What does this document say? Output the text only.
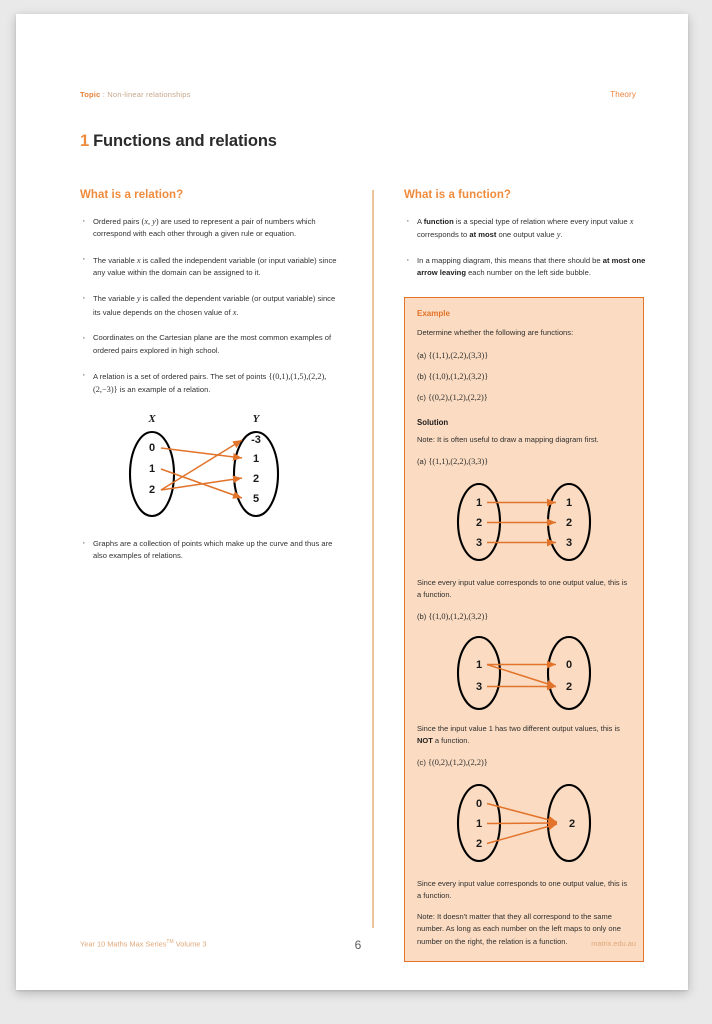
Topic : Non-linear relationships	Theory
1 Functions and relations
What is a relation?
· Ordered pairs (x, y) are used to represent a pair of numbers which correspond with each other through a given rule or equation.
· The variable x is called the independent variable (or input variable) since any value within the domain can be assigned to it.
· The variable y is called the dependent variable (or output variable) since its value depends on the chosen value of x.
· Coordinates on the Cartesian plane are the most common examples of ordered pairs explored in high school.
· A relation is a set of ordered pairs. The set of points {(0,1),(1,5),(2,2),(2,−3)} is an example of a relation.
X	Y
0
1
2
-3
1
2
5
· Graphs are a collection of points which make up the curve and thus are also examples of relations.
What is a function?
· A function is a special type of relation where every input value x corresponds to at most one output value y.
· In a mapping diagram, this means that there should be at most one arrow leaving each number on the left side bubble.
Example

Determine whether the following are functions:

(a) {(1,1),(2,2),(3,3)}

(b) {(1,0),(1,2),(3,2)}

(c) {(0,2),(1,2),(2,2)}

Solution

Note: It is often useful to draw a mapping diagram first.

(a) {(1,1),(2,2),(3,3)}

1
2
3
1
2
3

Since every input value corresponds to one output value, this is a function.

(b) {(1,0),(1,2),(3,2)}

1
3
0
2

Since the input value 1 has two different output values, this is NOT a function.

(c) {(0,2),(1,2),(2,2)}

0
1
2
2

Since every input value corresponds to one output value, this is a function.

Note: It doesn't matter that they all correspond to the same number. As long as each number on the left maps to only one number on the right, the relation is a function.

Year 10 Maths Max Series™ Volume 3	6	matrix.edu.au
